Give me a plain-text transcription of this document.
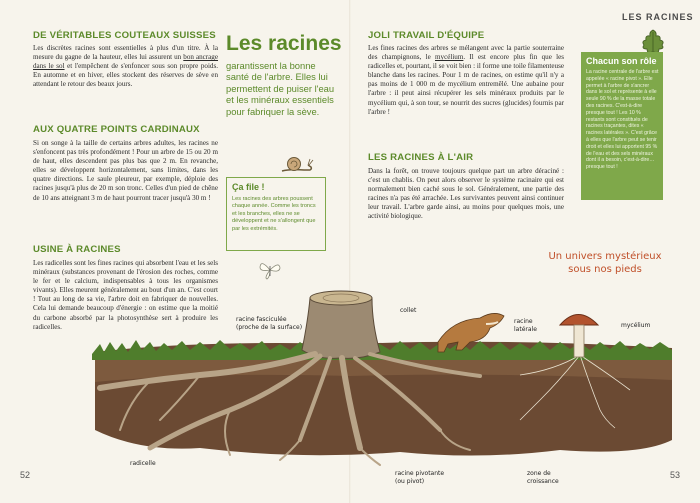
DE VÉRITABLES COUTEAUX SUISSES
Les discrètes racines sont essentielles à plus d'un titre. À la mesure du gagne de la hauteur, elles lui assurent un bon ancrage dans le sol et l'empêchent de s'enfoncer sous son propre poids. En automne et en hiver, elles stockent des réserves de sève en attendant le retour des beaux jours.
AUX QUATRE POINTS CARDINAUX
Si on songe à la taille de certains arbres adultes, les racines ne s'enfoncent pas très profondément ! Pour un arbre de 15 ou 20 m de haut, elles descendent pas plus bas que 2 m. En revanche, elles se développent horizontalement, sans limites, dans les quatre directions. Le saule pleureur, par exemple, déploie des racines jusqu'à plus de 20 m son tronc. Celles d'un pied de chêne de 10 ans atteignant 3 m de haut pourront tracer jusqu'à 30 m !
USINE À RACINES
Les radicelles sont les fines racines qui absorbent l'eau et les sels minéraux (substances provenant de l'érosion des roches, comme le fer et le calcium, indispensables à tous les organismes vivants). Elles meurent généralement au bout d'un an. C'est court ! Tout au long de sa vie, l'arbre doit en fabriquer de nouvelles. Cela lui demande beaucoup d'énergie : on estime que la moitié du carbone absorbé par la photosynthèse sert à produire les radicelles.
Les racines
garantissent la bonne santé de l'arbre. Elles lui permettent de puiser l'eau et les minéraux essentiels pour fabriquer la sève.
Ça file !
Les racines des arbres poussent chaque année. Comme les troncs et les branches, elles ne se développent et ne s'allongent que par les extrémités.
JOLI TRAVAIL D'ÉQUIPE
Les fines racines des arbres se mélangent avec la partie souterraine des champignons, le mycélium. Il est encore plus fin que les radicelles et, pourtant, il se voit bien : il forme une toile filamenteuse blanche dans les racines. Pour 1 m de racines, on estime qu'il n'y a pas moins de 1 000 m de mycélium entremêlé. Une aubaine pour l'arbre : il peut ainsi récupérer les sels minéraux produits par le mycélium qui, à son tour, se nourrit des sucres (glucides) fournis par l'arbre !
LES RACINES À L'AIR
Dans la forêt, on trouve toujours quelque part un arbre déraciné : c'est un chablis. On peut alors observer le système racinaire qui est normalement bien caché sous le sol. Généralement, une partie des racines n'a pas été arrachée. Les survivantes peuvent ainsi continuer leur travail. L'arbre garde ainsi, au moins pour quelques mois, une activité biologique.
LES RACINES
Chacun son rôle
La racine centrale de l'arbre est appelée « racine pivot ». Elle permet à l'arbre de s'ancrer dans le sol et représente à elle seule 90 % de la masse totale des racines. C'est-à-dire presque tout ! Les 10 % restants sont constitués de racines traçantes, dites « racines latérales ». C'est grâce à elles que l'arbre peut se tenir droit et elles lui apportent 95 % de l'eau et des sels minéraux dont il a besoin, c'est-à-dire… presque tout !
Un univers mystérieux sous nos pieds
racine fasciculée (proche de la surface)
collet
racine latérale	mycélium
radicelle
racine pivotante (ou pivot)
zone de croissance
52	53
